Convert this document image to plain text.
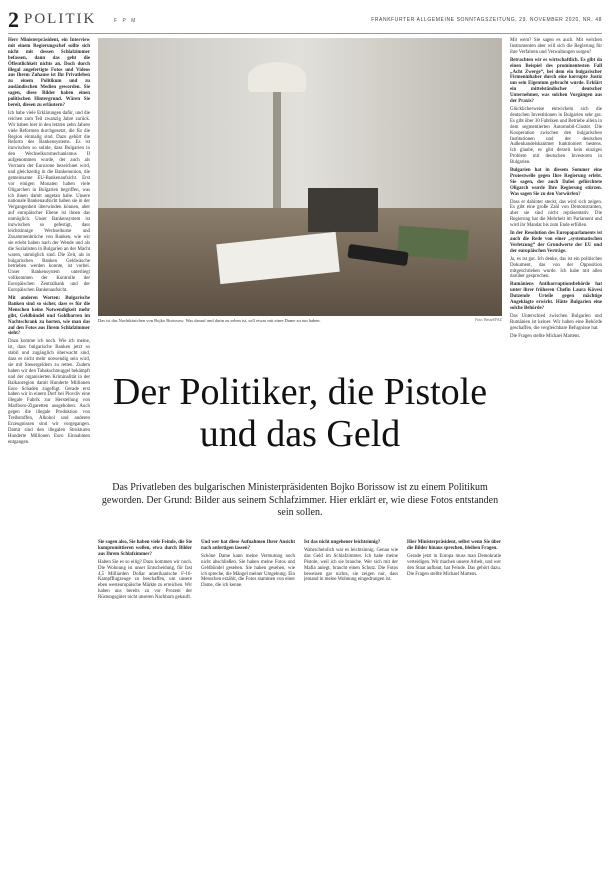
2 POLITIK	F P M	FRANKFURTER ALLGEMEINE SONNTAGSZEITUNG, 29. NOVEMBER 2020, NR. 48

Herr Ministerpräsident, ein Interview mit einem Regierungschef sollte sich nicht mit dessen Schlafzimmer befassen, dann das geht die Öffentlichkeit nichts an. Doch durch illegal angefertigte Fotos und Videos aus Ihrem Zuhause ist Ihr Privatleben zu einem Politikum und zu ausländischen Medien geworden. Sie sagen, diese Bilder haben einen politischen Hintergrund. Wären Sie bereit, diesen zu erläutern?

Ich habe viele Erklärungen dafür, und die reichen zum Teil zwanzig Jahre zurück. Wir haben hier in den letzten zehn Jahren viele Reformen durchgesetzt, die für die Region einmalig sind. Dazu gehört die Reform des Bankensystems. Es ist inzwischen so solide, dass Bulgarien in den Wechselkursmechanismus II aufgenommen wurde, der auch als Vorraum der Eurozone bezeichnet wird, und gleichzeitig in die Bankenunion, die gemeinsame EU-Bankenaufsicht. Erst vor einigen Monaten haben viele Oligarchen in Bulgarien begriffen, was ich ihnen damit angetan habe. Unsere nationale Bankenaufsicht haben sie in der Vergangenheit überwinden können, aber auf europäischer Ebene ist ihnen das unmöglich. Unser Bankensystem ist inzwischen so gefestigt, dass leichtsinnige Wechselkurse und Zusammenbrüche von Banken, wie wir sie erlebt haben nach der Wende und als die Sozialisten in Bulgarien an der Macht waren, unmöglich sind. Die Zeit, als in bulgarischen Banken Geldwäsche betrieben werden konnte, ist vorbei. Unser Bankensystem unterliegt vollkommen der Kontrolle der Europäischen Zentralbank und der Europäischen Bankenaufsicht.

Mit anderen Worten: Bulgarische Banken sind so sicher, dass es für die Menschen keine Notwendigkeit mehr gibt, Geldbündel und Goldbarren im Nachtschrank zu horten, wie man das auf den Fotos aus Ihrem Schlafzimmer sieht?

Dazu komme ich noch. Wie ich meine, ist, dass bulgarische Banken jetzt so stabil und zugänglich überwacht sind, dass es nicht mehr notwendig sein wird, sie mit Steuergeldern zu retten. Zudem haben wir den Tabakschmuggel bekämpft und der organisierten Kriminalität in der Balkanregion damit Hunderte Millionen Euro Schaden zugefügt. Gerade erst haben wir in einem Dorf bei Plovdiv eine illegale Fabrik zur Herstellung von Marlboro-Zigaretten ausgehoben. Auch gegen die illegale Produktion von Treibstoffen, Alkohol und anderen Erzeugnissen sind wir vorgegangen. Damit sind den illegalen Strukturen Hunderte Millionen Euro Einnahmen entgangen.

Das ist das Nachtkästchen von Bojko Borissow: Was darauf und darin zu sehen ist, soll etwas mit einer Dame zu tun haben.	Foto: Bessel/FAZ
Der Politiker, die Pistole und das Geld
Das Privatleben des bulgarischen Ministerpräsidenten Bojko Borissow ist zu einem Politikum geworden. Der Grund: Bilder aus seinem Schlafzimmer. Hier erklärt er, wie diese Fotos entstanden sein sollen.

Sie sagen also, Sie haben viele Feinde, die Sie kompromittieren wollen, etwa durch Bilder aus Ihrem Schlafzimmer?

Haben Sie es so eilig? Dazu kommen wir noch. Die Wohnung ist unser Entscheidung, für fast 4,5 Milliarden Dollar amerikanische F-16-Kampfflugzeuge zu beschaffen, um unsere eben westeuropäische Märkte zu erreichen. Wir haben uns bereits zu vor Prozent der Rüstungsgüter nicht unseren Nachbarn gekauft.

Und wer hat diese Aufnahmen Ihrer Ansicht nach anfertigen lassen?

Schöne Dame kann meine Vermutung noch nicht abschließen. Sie haben meine Fotos und Geldbündel gesehen. Sie haben gesehen, wie ich spreche, die Mängel meiner Umgebung. Ein Menschen erzählt, die Fotos stammen von einer Dame, die ich kenne.

Ist das nicht ungeheuer leichtsinnig?

Wahrscheinlich war es leichtsinnig. Genau wie das Geld im Schlafzimmer. Ich habe meine Pistole, weil ich sie brauche. Wer sich mit der Mafia anlegt, braucht einen Schutz. Die Fotos beweisen gar nichts, sie zeigen nur, dass jemand in meine Wohnung eingedrungen ist.

Hier Ministerpräsident, selbst wenn Sie über die Bilder hinaus sprechen, bleiben Fragen.

Gerade jetzt in Europa muss man Demokratie verteidigen. Wir machen unsere Arbeit, und wer den Staat aufbaut, hat Feinde. Das gehört dazu. Die Fragen stellte Michael Martens.

Mit wem? Sie sagen es auch. Mit welchen Instrumenten aber will sich die Regierung für ihre Verfahren und Verwaltungen sorgen?

Betrachten wir es wirtschaftlich. Es gibt da einen Beispiel des prominentesten Fall „Acht Zwerge“, bei dem ein bulgarischer Firmeninhaber durch eine korrupte Justiz um sein Eigentum gebracht wurde. Erklärt ein mittelständischer deutscher Unternehmer, was solchen Vorgängen aus der Praxis?

Glücklicherweise entwickeln sich die deutschen Investitionen in Bulgarien sehr gut. Es gibt über 30 Fabriken und Betriebe allein in dem segmentierten Automobil-Cluster. Die Kooperation zwischen den bulgarischen Institutionen und der deutschen Außenhandelskammer funktioniert bestens. Ich glaube, es gibt derzeit kein einziges Problem mit deutschen Investoren in Bulgarien.

Bulgarien hat in diesem Sommer eine Protestwelle gegen Ihre Regierung erlebt. Sie sagen, der auch Dabei gefürchtete Oligarch wurde Ihre Regierung stürzen. Was sagen Sie zu den Vorwürfen?

Dass er dahinter steckt, das wird sich zeigen. Es gibt eine große Zahl von Demonstranten, aber sie sind nicht repräsentativ. Die Regierung hat die Mehrheit im Parlament und wird ihr Mandat bis zum Ende erfüllen.

In der Resolution des Europaparlaments ist auch die Rede von einer „systematischen Verletzung“ der Grundwerte der EU und der europäischen Verträge.

Ja, es ist gut. Ich denke, das ist ein politisches Dokument, das von der Opposition mitgeschrieben wurde. Ich habe mit allen darüber gesprochen.

Rumäniens Antikorruptionsbehörde hat unter ihrer früheren Chefin Laura Kövesi Dutzende Urteile gegen mächtige Angeklagte erwirkt. Hätte Bulgarien eine solche Behörde?

Das Unterschied zwischen Bulgarien und Rumänien ist keiner. Wir haben eine Behörde geschaffen, die vergleichbare Befugnisse hat.

Die Fragen stellte Michael Martens.
